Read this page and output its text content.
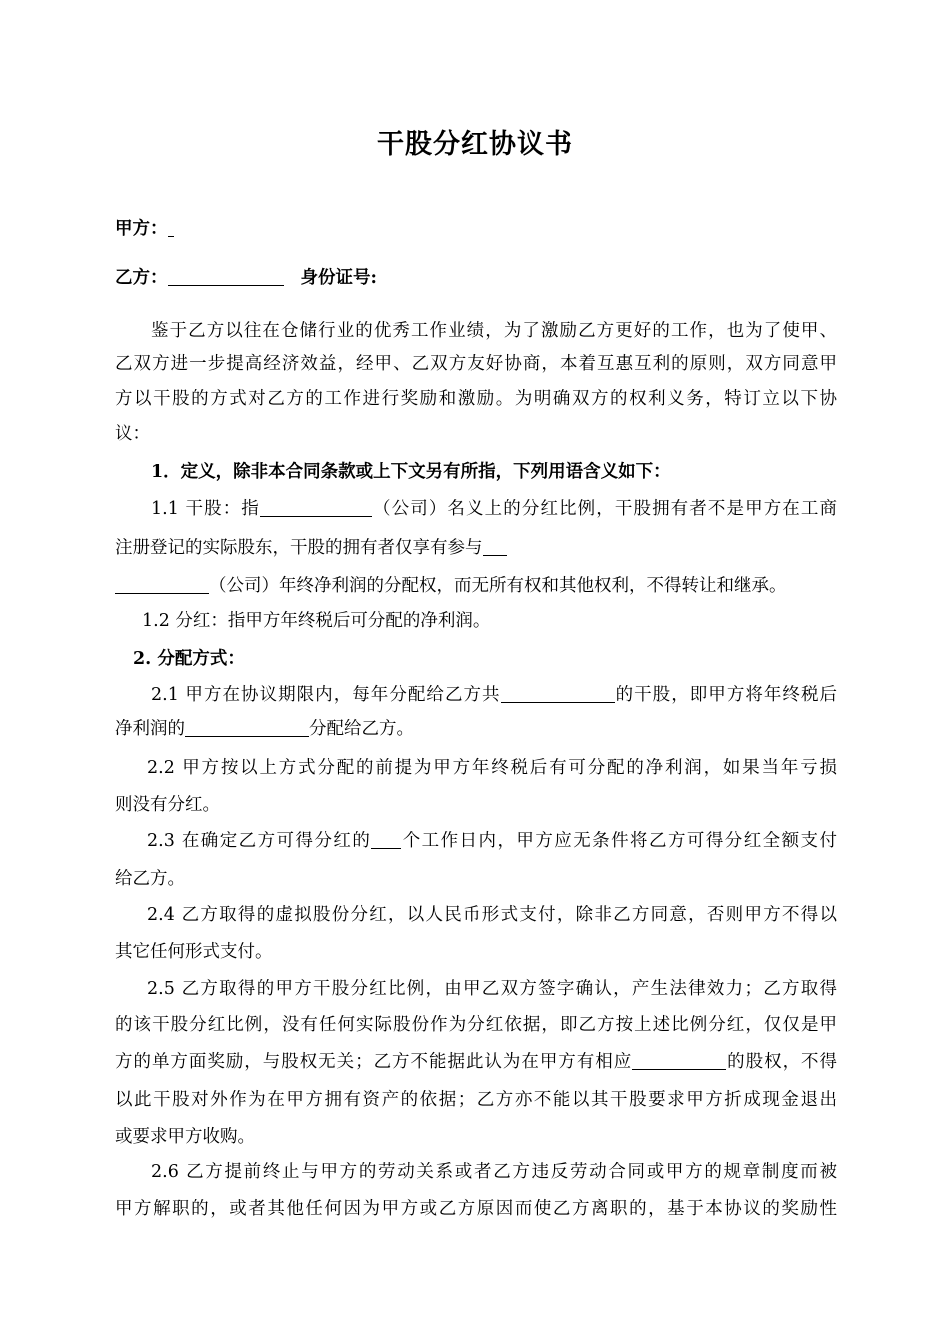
干股分红协议书
甲方：
乙方：	身份证号:
鉴于乙方以往在仓储行业的优秀工作业绩，为了激励乙方更好的工作，也为了使甲、
乙双方进一步提高经济效益，经甲、乙双方友好协商，本着互惠互利的原则，双方同意甲
方以干股的方式对乙方的工作进行奖励和激励。为明确双方的权利义务，特订立以下协
议：
1．定义，除非本合同条款或上下文另有所指，下列用语含义如下：
1.1 干股：指	（公司）名义上的分红比例，干股拥有者不是甲方在工商
注册登记的实际股东，干股的拥有者仅享有参与
（公司）年终净利润的分配权，而无所有权和其他权利，不得转让和继承。
1.2 分红：指甲方年终税后可分配的净利润。
2. 分配方式：
2.1 甲方在协议期限内，每年分配给乙方共	的干股，即甲方将年终税后
净利润的	分配给乙方。
2.2 甲方按以上方式分配的前提为甲方年终税后有可分配的净利润，如果当年亏损
则没有分红。
2.3 在确定乙方可得分红的 个工作日内，甲方应无条件将乙方可得分红全额支付
给乙方。
2.4 乙方取得的虚拟股份分红，以人民币形式支付，除非乙方同意，否则甲方不得以
其它任何形式支付。
2.5 乙方取得的甲方干股分红比例，由甲乙双方签字确认，产生法律效力；乙方取得
的该干股分红比例，没有任何实际股份作为分红依据，即乙方按上述比例分红，仅仅是甲
方的单方面奖励，与股权无关；乙方不能据此认为在甲方有相应	的股权，不得
以此干股对外作为在甲方拥有资产的依据；乙方亦不能以其干股要求甲方折成现金退出
或要求甲方收购。
2.6 乙方提前终止与甲方的劳动关系或者乙方违反劳动合同或甲方的规章制度而被
甲方解职的，或者其他任何因为甲方或乙方原因而使乙方离职的，基于本协议的奖励性
